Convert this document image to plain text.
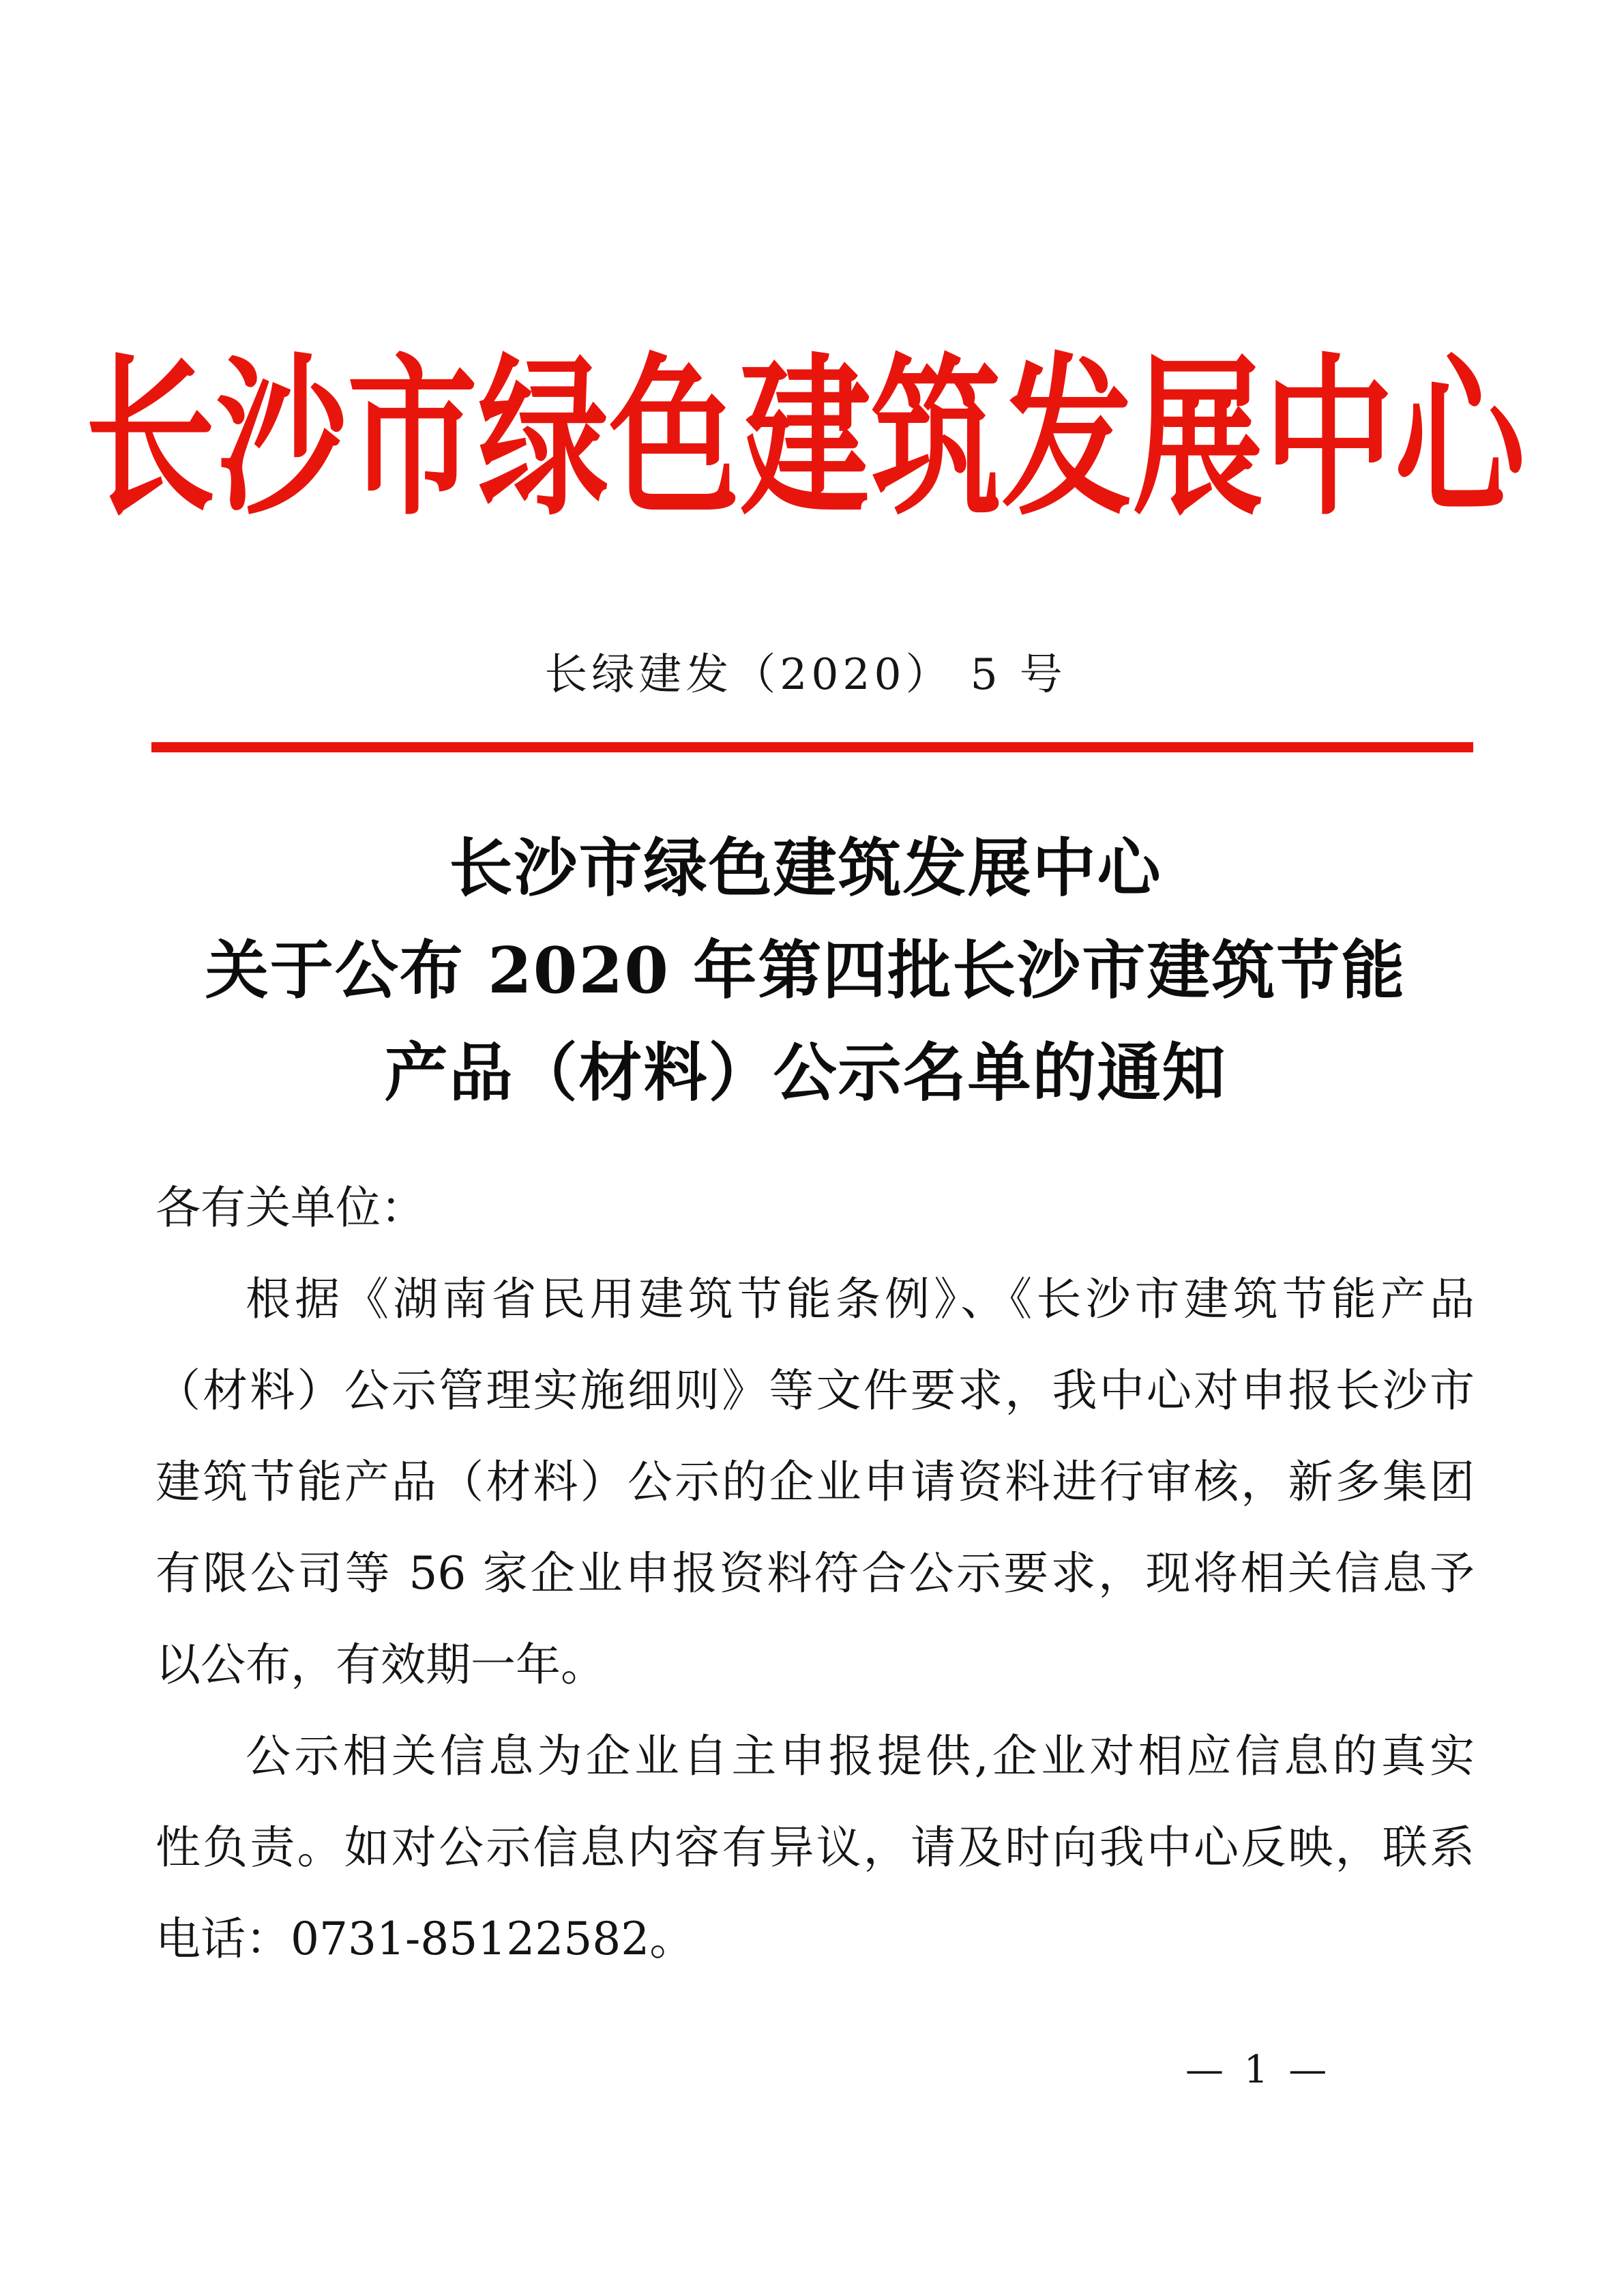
长沙市绿色建筑发展中心
长绿建发（2020） 5 号
长沙市绿色建筑发展中心
关于公布 2020 年第四批长沙市建筑节能
产品（材料）公示名单的通知
各有关单位：
根据《湖南省民用建筑节能条例》、《长沙市建筑节能产品
（材料）公示管理实施细则》等文件要求，我中心对申报长沙市
建筑节能产品（材料）公示的企业申请资料进行审核，新多集团
有限公司等 56 家企业申报资料符合公示要求，现将相关信息予
以公布，有效期一年。
公示相关信息为企业自主申报提供,企业对相应信息的真实
性负责。如对公示信息内容有异议，请及时向我中心反映，联系
电话：0731-85122582。
— 1 —
